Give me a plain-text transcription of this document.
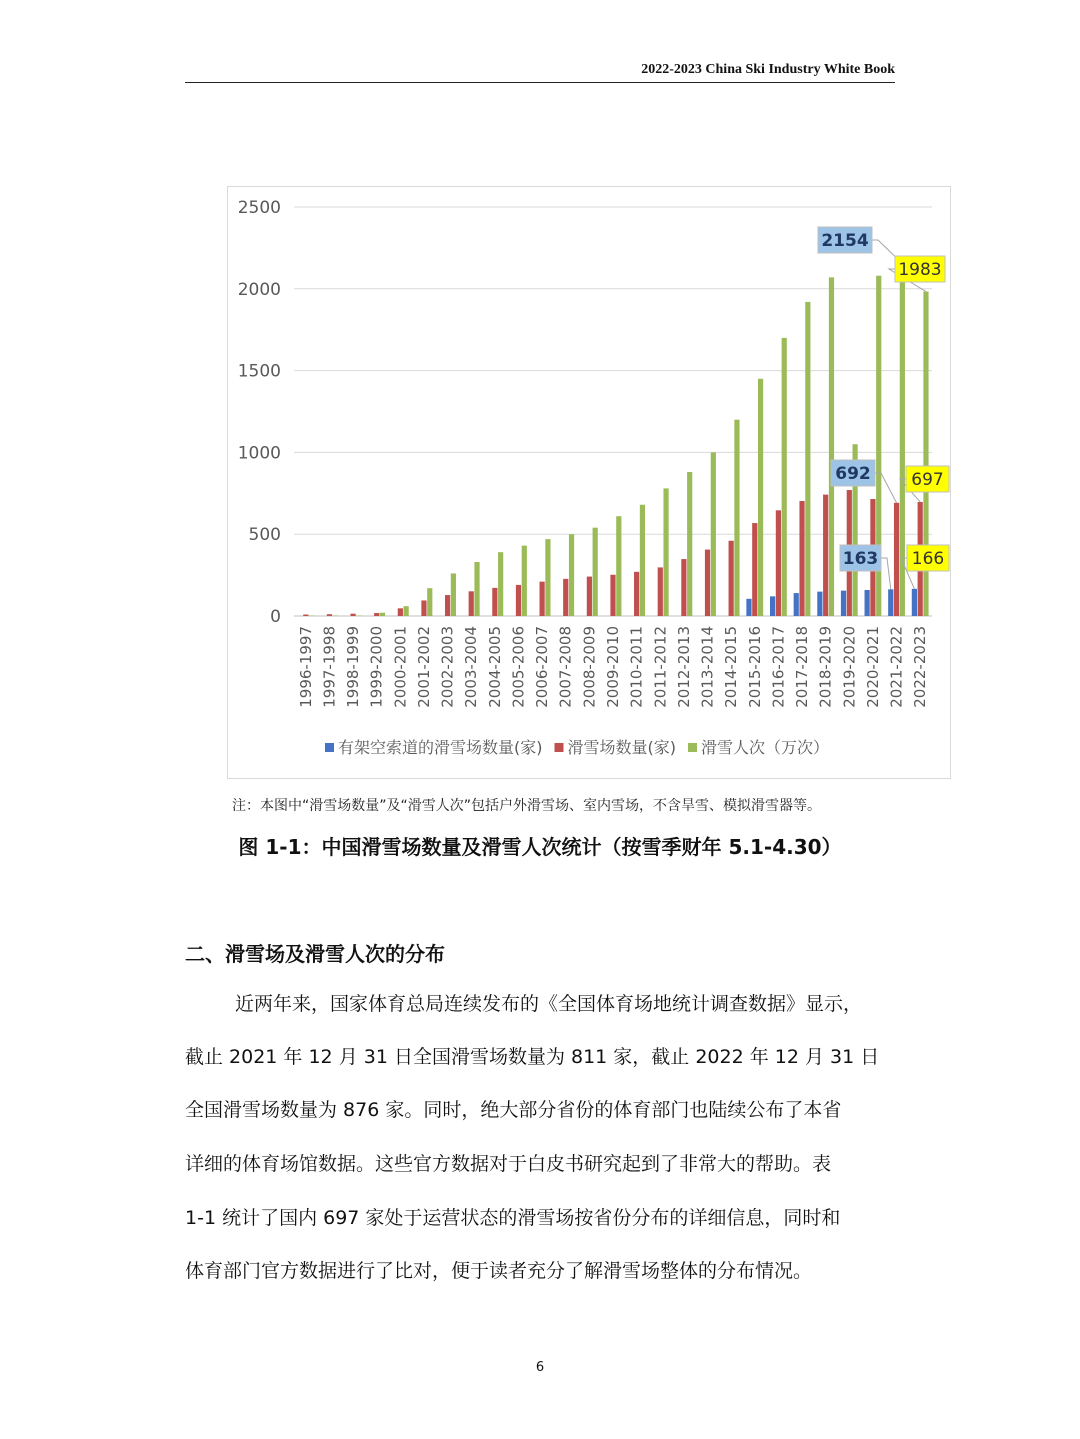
2022-2023 China Ski Industry White Book
0
500
1000
1500
2000
2500
1996-1997 1997-1998 1998-1999 1999-2000 2000-2001 2001-2002 2002-2003 2003-2004 2004-2005 2005-2006 2006-2007 2007-2008 2008-2009 2009-2010 2010-2011 2011-2012 2012-2013 2013-2014 2014-2015 2015-2016 2016-2017 2017-2018 2018-2019 2019-2020 2020-2021 2021-2022 2022-2023
有架空索道的滑雪场数量(家) 滑雪场数量(家) 滑雪人次（万次）
2154
1983
692 697
163 166
注：本图中“滑雪场数量”及“滑雪人次”包括户外滑雪场、室内雪场，不含旱雪、模拟滑雪器等。
图 1-1：中国滑雪场数量及滑雪人次统计（按雪季财年 5.1-4.30）
二、滑雪场及滑雪人次的分布
近两年来，国家体育总局连续发布的《全国体育场地统计调查数据》显示，
截止 2021 年 12 月 31 日全国滑雪场数量为 811 家，截止 2022 年 12 月 31 日
全国滑雪场数量为 876 家。同时，绝大部分省份的体育部门也陆续公布了本省
详细的体育场馆数据。这些官方数据对于白皮书研究起到了非常大的帮助。表
1-1 统计了国内 697 家处于运营状态的滑雪场按省份分布的详细信息，同时和
体育部门官方数据进行了比对，便于读者充分了解滑雪场整体的分布情况。
6
